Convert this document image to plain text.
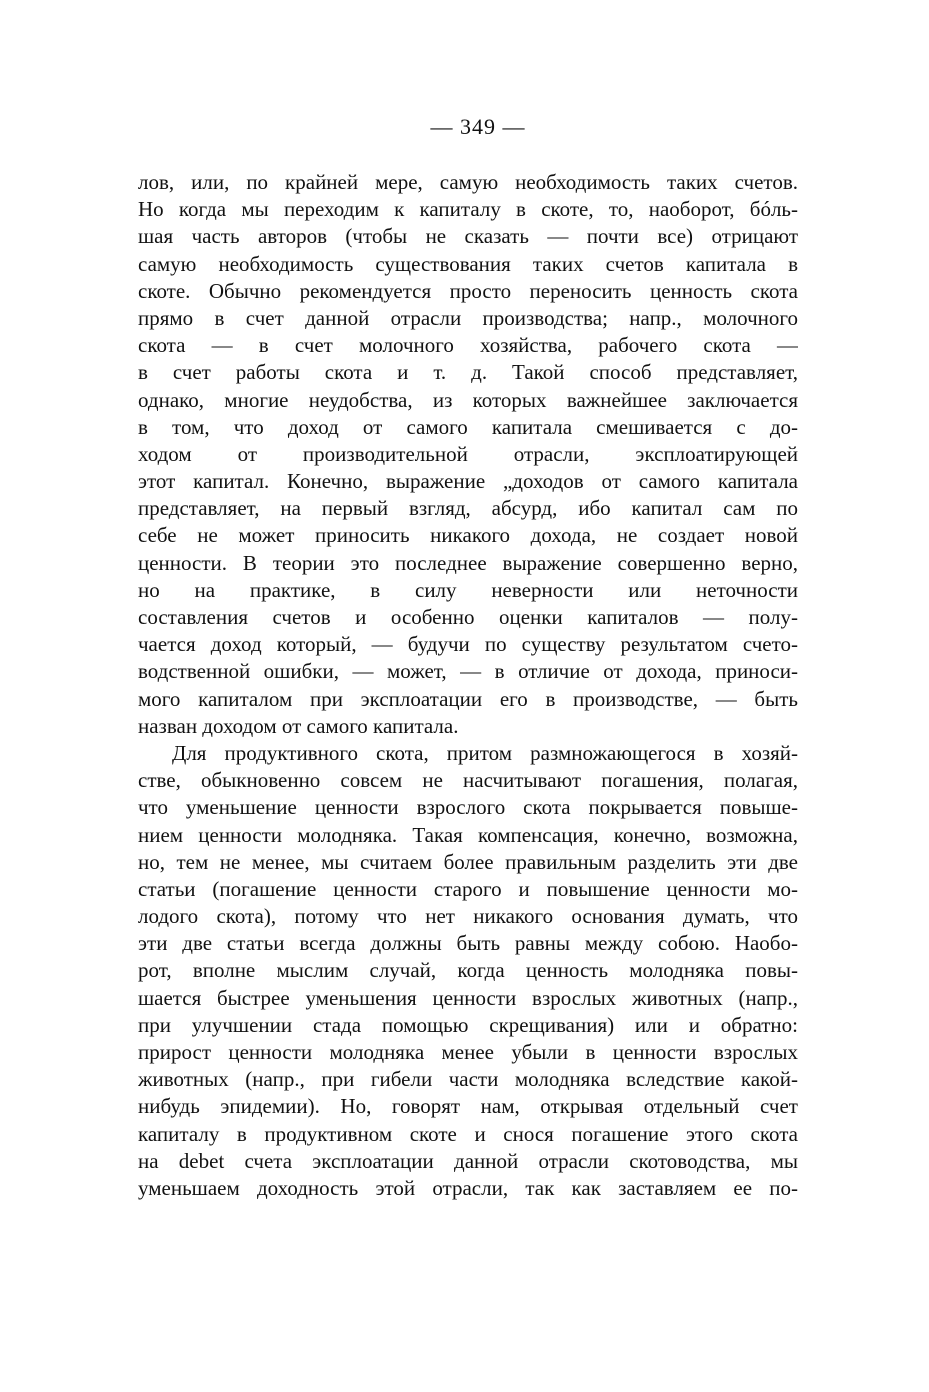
— 349 —
лов, или, по крайней мере, самую необходимость таких счетов.
Но когда мы переходим к капиталу в скоте, то, наоборот, бóль-
шая часть авторов (чтобы не сказать — почти все) отрицают
самую необходимость существования таких счетов капитала в
скоте. Обычно рекомендуется просто переносить ценность скота
прямо в счет данной отрасли производства; напр., молочного
скота — в счет молочного хозяйства, рабочего скота —
в счет работы скота и т. д. Такой способ представляет,
однако, многие неудобства, из которых важнейшее заключается
в том, что доход от самого капитала смешивается с до-
ходом от производительной отрасли, эксплоатирующей
этот капитал. Конечно, выражение „доходов от самого капитала
представляет, на первый взгляд, абсурд, ибо капитал сам по
себе не может приносить никакого дохода, не создает новой
ценности. В теории это последнее выражение совершенно верно,
но на практике, в силу неверности или неточности
составления счетов и особенно оценки капиталов — полу-
чается доход который, — будучи по существу результатом счето-
водственной ошибки, — может, — в отличие от дохода, приноси-
мого капиталом при эксплоатации его в производстве, — быть
назван доходом от самого капитала.
Для продуктивного скота, притом размножающегося в хозяй-
стве, обыкновенно совсем не насчитывают погашения, полагая,
что уменьшение ценности взрослого скота покрывается повыше-
нием ценности молодняка. Такая компенсация, конечно, возможна,
но, тем не менее, мы считаем более правильным разделить эти две
статьи (погашение ценности старого и повышение ценности мо-
лодого скота), потому что нет никакого основания думать, что
эти две статьи всегда должны быть равны между собою. Наобо-
рот, вполне мыслим случай, когда ценность молодняка повы-
шается быстрее уменьшения ценности взрослых животных (напр.,
при улучшении стада помощью скрещивания) или и обратно:
прирост ценности молодняка менее убыли в ценности взрослых
животных (напр., при гибели части молодняка вследствие какой-
нибудь эпидемии). Но, говорят нам, открывая отдельный счет
капиталу в продуктивном скоте и снося погашение этого скота
на debet счета эксплоатации данной отрасли скотоводства, мы
уменьшаем доходность этой отрасли, так как заставляем ее по-
